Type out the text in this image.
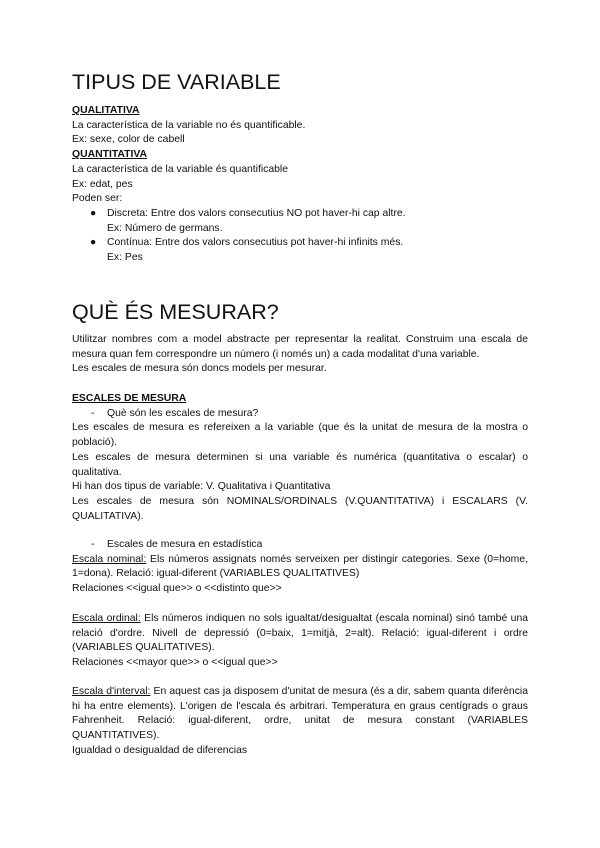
TIPUS DE VARIABLE
QUALITATIVA
La característica de la variable no és quantificable.
Ex: sexe, color de cabell
QUANTITATIVA
La característica de la variable és quantificable
Ex: edat, pes
Poden ser:
● Discreta: Entre dos valors consecutius NO pot haver-hi cap altre.
Ex: Número de germans.
● Contínua: Entre dos valors consecutius pot haver-hi infinits més.
Ex: Pes
QUÈ ÉS MESURAR?
Utilitzar nombres com a model abstracte per representar la realitat. Construim una escala de mesura quan fem correspondre un número (i només un) a cada modalitat d'una variable.
Les escales de mesura són doncs models per mesurar.
ESCALES DE MESURA
- Què són les escales de mesura?
Les escales de mesura es refereixen a la variable (que és la unitat de mesura de la mostra o població).
Les escales de mesura determinen si una variable és numérica (quantitativa o escalar) o qualitativa.
Hi han dos tipus de variable: V. Qualitativa i Quantitativa
Les escales de mesura són NOMINALS/ORDINALS (V.QUANTITATIVA) i ESCALARS (V. QUALITATIVA).
- Escales de mesura en estadística
Escala nominal: Els números assignats només serveixen per distingir categories. Sexe (0=home, 1=dona). Relació: igual-diferent (VARIABLES QUALITATIVES)
Relaciones <<igual que>> o <<distinto que>>
Escala ordinal: Els números indiquen no sols igualtat/desigualtat (escala nominal) sinó també una relació d'ordre. Nivell de depressió (0=baix, 1=mitjà, 2=alt). Relació: igual-diferent i ordre (VARIABLES QUALITATIVES).
Relaciones <<mayor que>> o <<igual que>>
Escala d'interval: En aquest cas ja disposem d'unitat de mesura (és a dir, sabem quanta diferència hi ha entre elements). L'origen de l'escala és arbitrari. Temperatura en graus centígrads o graus Fahrenheit. Relació: igual-diferent, ordre, unitat de mesura constant (VARIABLES QUANTITATIVES).
Igualdad o desigualdad de diferencias
